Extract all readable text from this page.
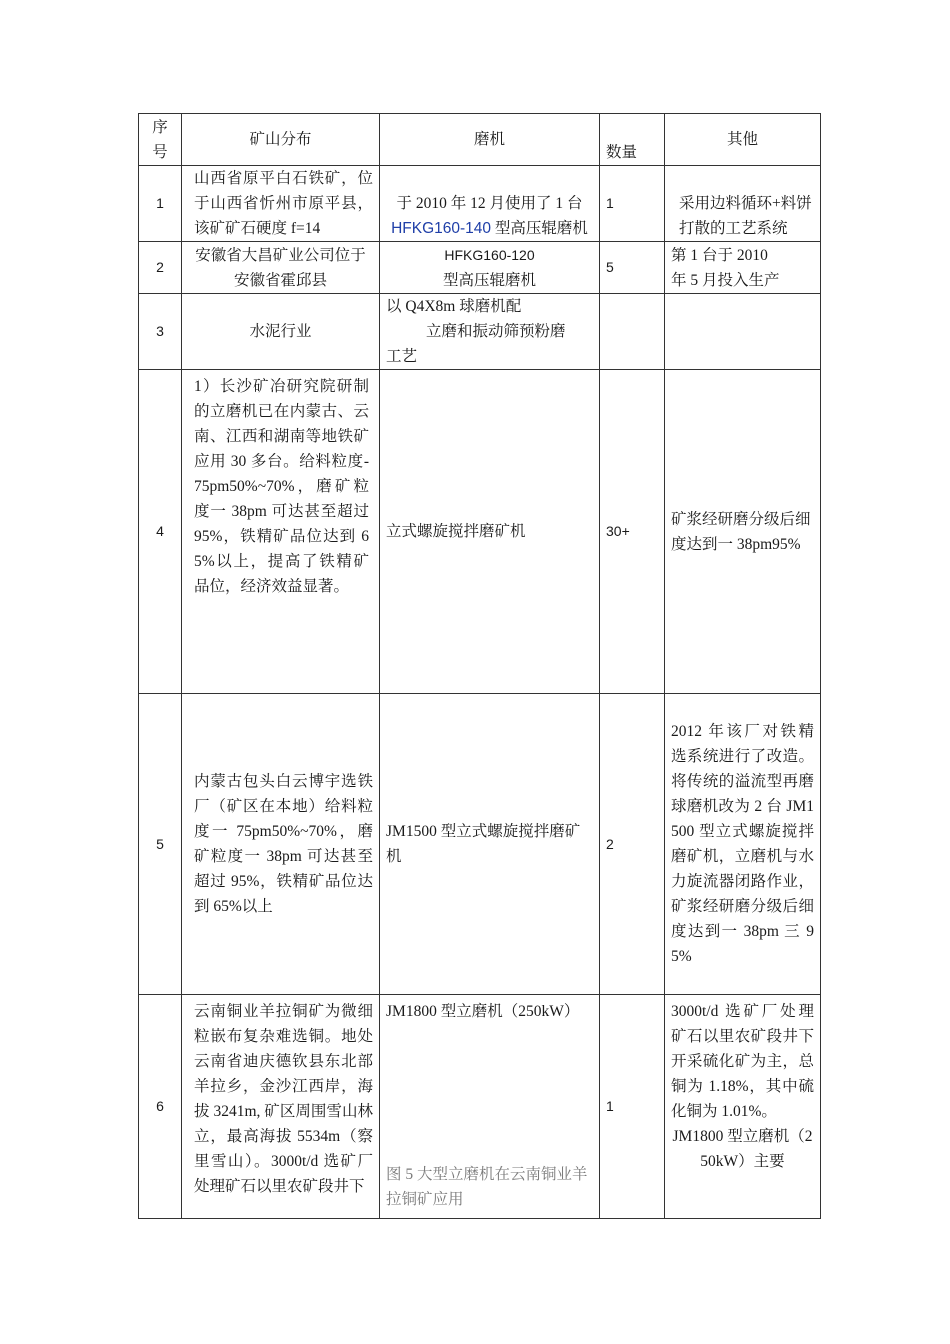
序
号	矿山分布	磨机	数量	其他
1	山西省原平白石铁矿，位于山西省忻州市原平县，该矿矿石硬度 f=14	于 2010 年 12 月使用了 1 台
HFKG160-140 型高压辊磨机	1	采用边料循环+料饼打散的工艺系统
2	安徽省大昌矿业公司位于安徽省霍邱县	HFKG160-120
型高压辊磨机	5	第 1 台于 2010
年 5 月投入生产
3	水泥行业	以 Q4X8m 球磨机配
立磨和振动筛预粉磨
工艺		

4	1）长沙矿冶研究院研制的立磨机已在内蒙古、云南、江西和湖南等地铁矿应用 30 多台。给料粒度-75pm50%~70%，磨矿粒度一 38pm 可达甚至超过 95%，铁精矿品位达到 65%以上，提高了铁精矿品位，经济效益显著。	立式螺旋搅拌磨矿机	30+	矿浆经研磨分级后细度达到一 38pm95%
5	内蒙古包头白云博宇选铁厂（矿区在本地）给料粒度一 75pm50%~70%，磨矿粒度一 38pm 可达甚至超过 95%，铁精矿品位达到 65%以上	JM1500 型立式螺旋搅拌磨矿机	2	2012 年该厂对铁精选系统进行了改造。将传统的溢流型再磨球磨机改为 2 台 JM1500 型立式螺旋搅拌磨矿机，立磨机与水力旋流器闭路作业，矿浆经研磨分级后细度达到一 38pm 三 95%
6	云南铜业羊拉铜矿为微细粒嵌布复杂难选铜。地处云南省迪庆德钦县东北部羊拉乡，金沙江西岸，海拔 3241m, 矿区周围雪山林立，最高海拔 5534m（察里雪山）。3000t/d 选矿厂处理矿石以里农矿段井下	JM1800 型立磨机（250kW）
图 5 大型立磨机在云南铜业羊拉铜矿应用	1	3000t/d 选矿厂处理矿石以里农矿段井下开采硫化矿为主，总铜为 1.18%，其中硫化铜为 1.01%。
JM1800 型立磨机（250kW）主要
